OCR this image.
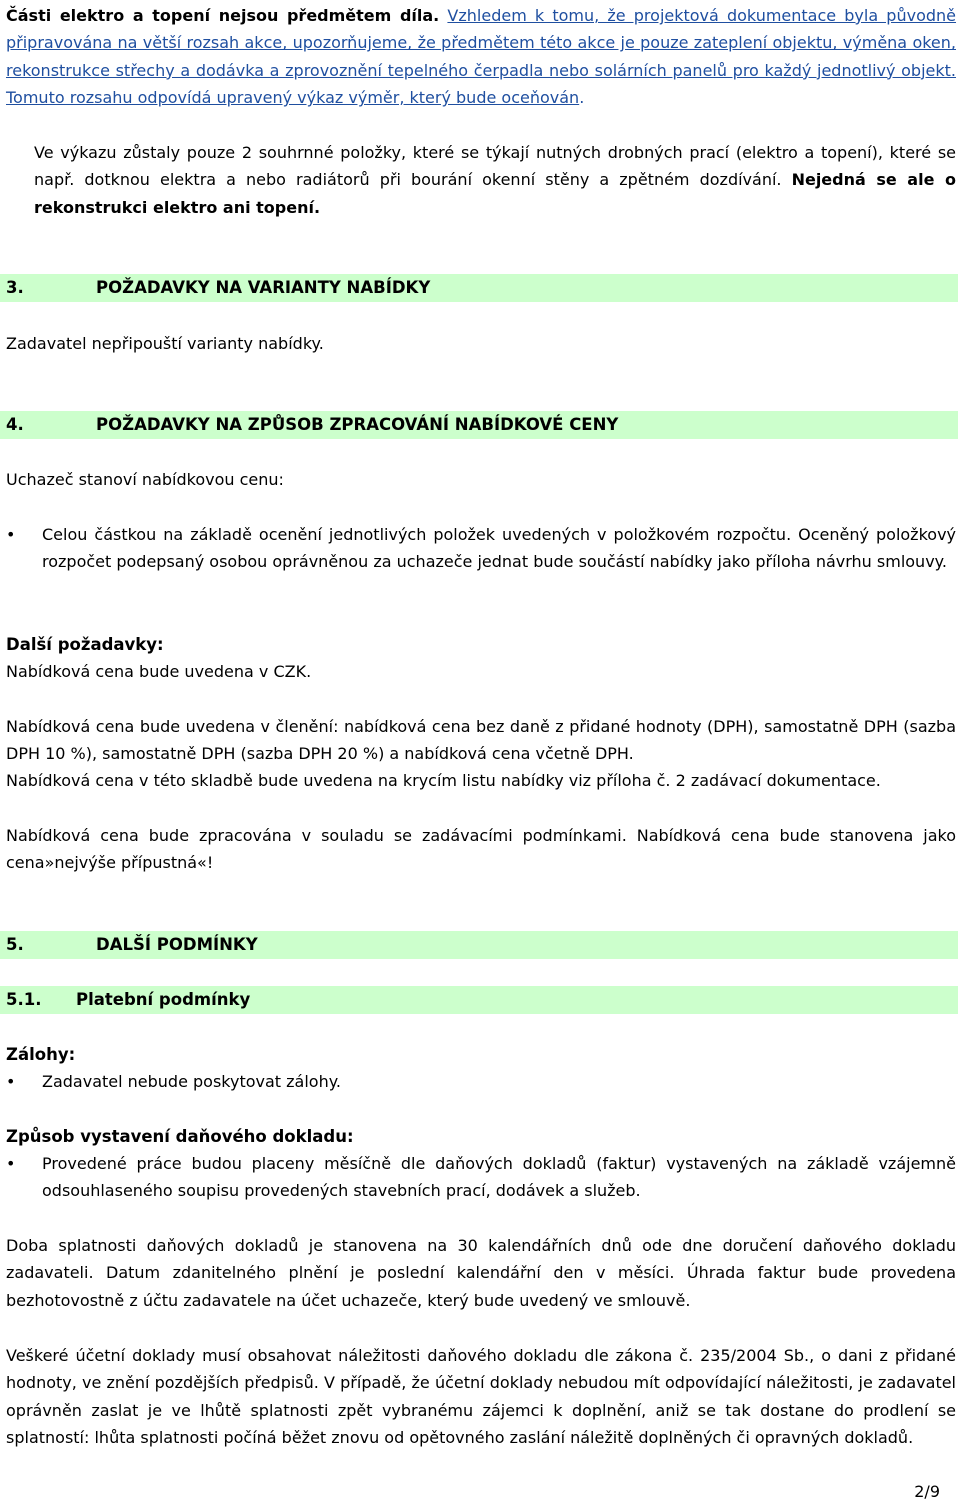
Části elektro a topení nejsou předmětem díla. Vzhledem k tomu, že projektová dokumentace byla původně připravována na větší rozsah akce, upozorňujeme, že předmětem této akce je pouze zateplení objektu, výměna oken, rekonstrukce střechy a dodávka a zprovoznění tepelného čerpadla nebo solárních panelů pro každý jednotlivý objekt. Tomuto rozsahu odpovídá upravený výkaz výměr, který bude oceňován.

Ve výkazu zůstaly pouze 2 souhrnné položky, které se týkají nutných drobných prací (elektro a topení), které se např. dotknou elektra a nebo radiátorů při bourání okenní stěny a zpětném dozdívání. Nejedná se ale o rekonstrukci elektro ani topení.

3.	POŽADAVKY NA VARIANTY NABÍDKY

Zadavatel nepřipouští varianty nabídky.

4.	POŽADAVKY NA ZPŮSOB ZPRACOVÁNÍ NABÍDKOVÉ CENY

Uchazeč stanoví nabídkovou cenu:

• Celou částkou na základě ocenění jednotlivých položek uvedených v položkovém rozpočtu. Oceněný položkový rozpočet podepsaný osobou oprávněnou za uchazeče jednat bude součástí nabídky jako příloha návrhu smlouvy.
Další požadavky:

Nabídková cena bude uvedena v CZK.

Nabídková cena bude uvedena v členění: nabídková cena bez daně z přidané hodnoty (DPH), samostatně DPH (sazba DPH 10 %), samostatně DPH (sazba DPH 20 %) a nabídková cena včetně DPH.

Nabídková cena v této skladbě bude uvedena na krycím listu nabídky viz příloha č. 2 zadávací dokumentace.

Nabídková cena bude zpracována v souladu se zadávacími podmínkami. Nabídková cena bude stanovena jako cena»nejvýše přípustná«!

5.	DALŠÍ PODMÍNKY
5.1. Platební podmínky
Zálohy:
• Zadavatel nebude poskytovat zálohy.
Způsob vystavení daňového dokladu:
• Provedené práce budou placeny měsíčně dle daňových dokladů (faktur) vystavených na základě vzájemně odsouhlaseného soupisu provedených stavebních prací, dodávek a služeb.

Doba splatnosti daňových dokladů je stanovena na 30 kalendářních dnů ode dne doručení daňového dokladu zadavateli. Datum zdanitelného plnění je poslední kalendářní den v měsíci. Úhrada faktur bude provedena bezhotovostně z účtu zadavatele na účet uchazeče, který bude uvedený ve smlouvě.

Veškeré účetní doklady musí obsahovat náležitosti daňového dokladu dle zákona č. 235/2004 Sb., o dani z přidané hodnoty, ve znění pozdějších předpisů. V případě, že účetní doklady nebudou mít odpovídající náležitosti, je zadavatel oprávněn zaslat je ve lhůtě splatnosti zpět vybranému zájemci k doplnění, aniž se tak dostane do prodlení se splatností: lhůta splatnosti počíná běžet znovu od opětovného zaslání náležitě doplněných či opravných dokladů.

2/9
